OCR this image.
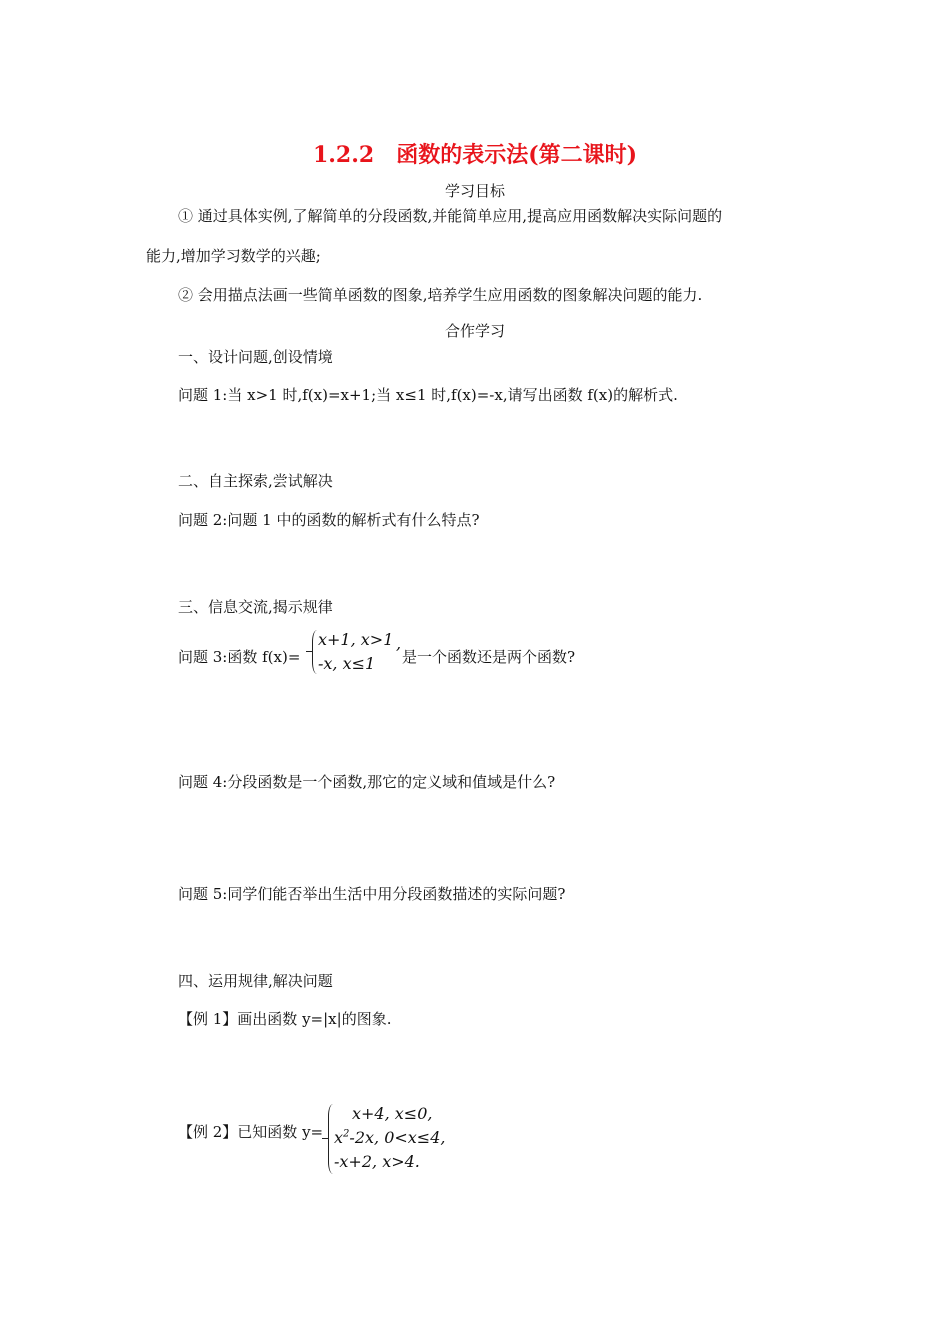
1.2.2　函数的表示法(第二课时)
学习目标
① 通过具体实例,了解简单的分段函数,并能简单应用,提高应用函数解决实际问题的
能力,增加学习数学的兴趣;
② 会用描点法画一些简单函数的图象,培养学生应用函数的图象解决问题的能力.
合作学习
一、设计问题,创设情境
问题 1:当 x>1 时,f(x)=x+1;当 x≤1 时,f(x)=-x,请写出函数 f(x)的解析式.
二、自主探索,尝试解决
问题 2:问题 1 中的函数的解析式有什么特点?
三、信息交流,揭示规律
问题 3:函数 f(x)=
x+1, x>1 ,
-x, x≤1 是一个函数还是两个函数?
问题 4:分段函数是一个函数,那它的定义域和值域是什么?
问题 5:同学们能否举出生活中用分段函数描述的实际问题?
四、运用规律,解决问题
【例 1】画出函数 y=|x|的图象.
【例 2】已知函数 y=
x+4, x≤0,
$x^2-2x$, 0<x≤4,
-x+2, x>4.
